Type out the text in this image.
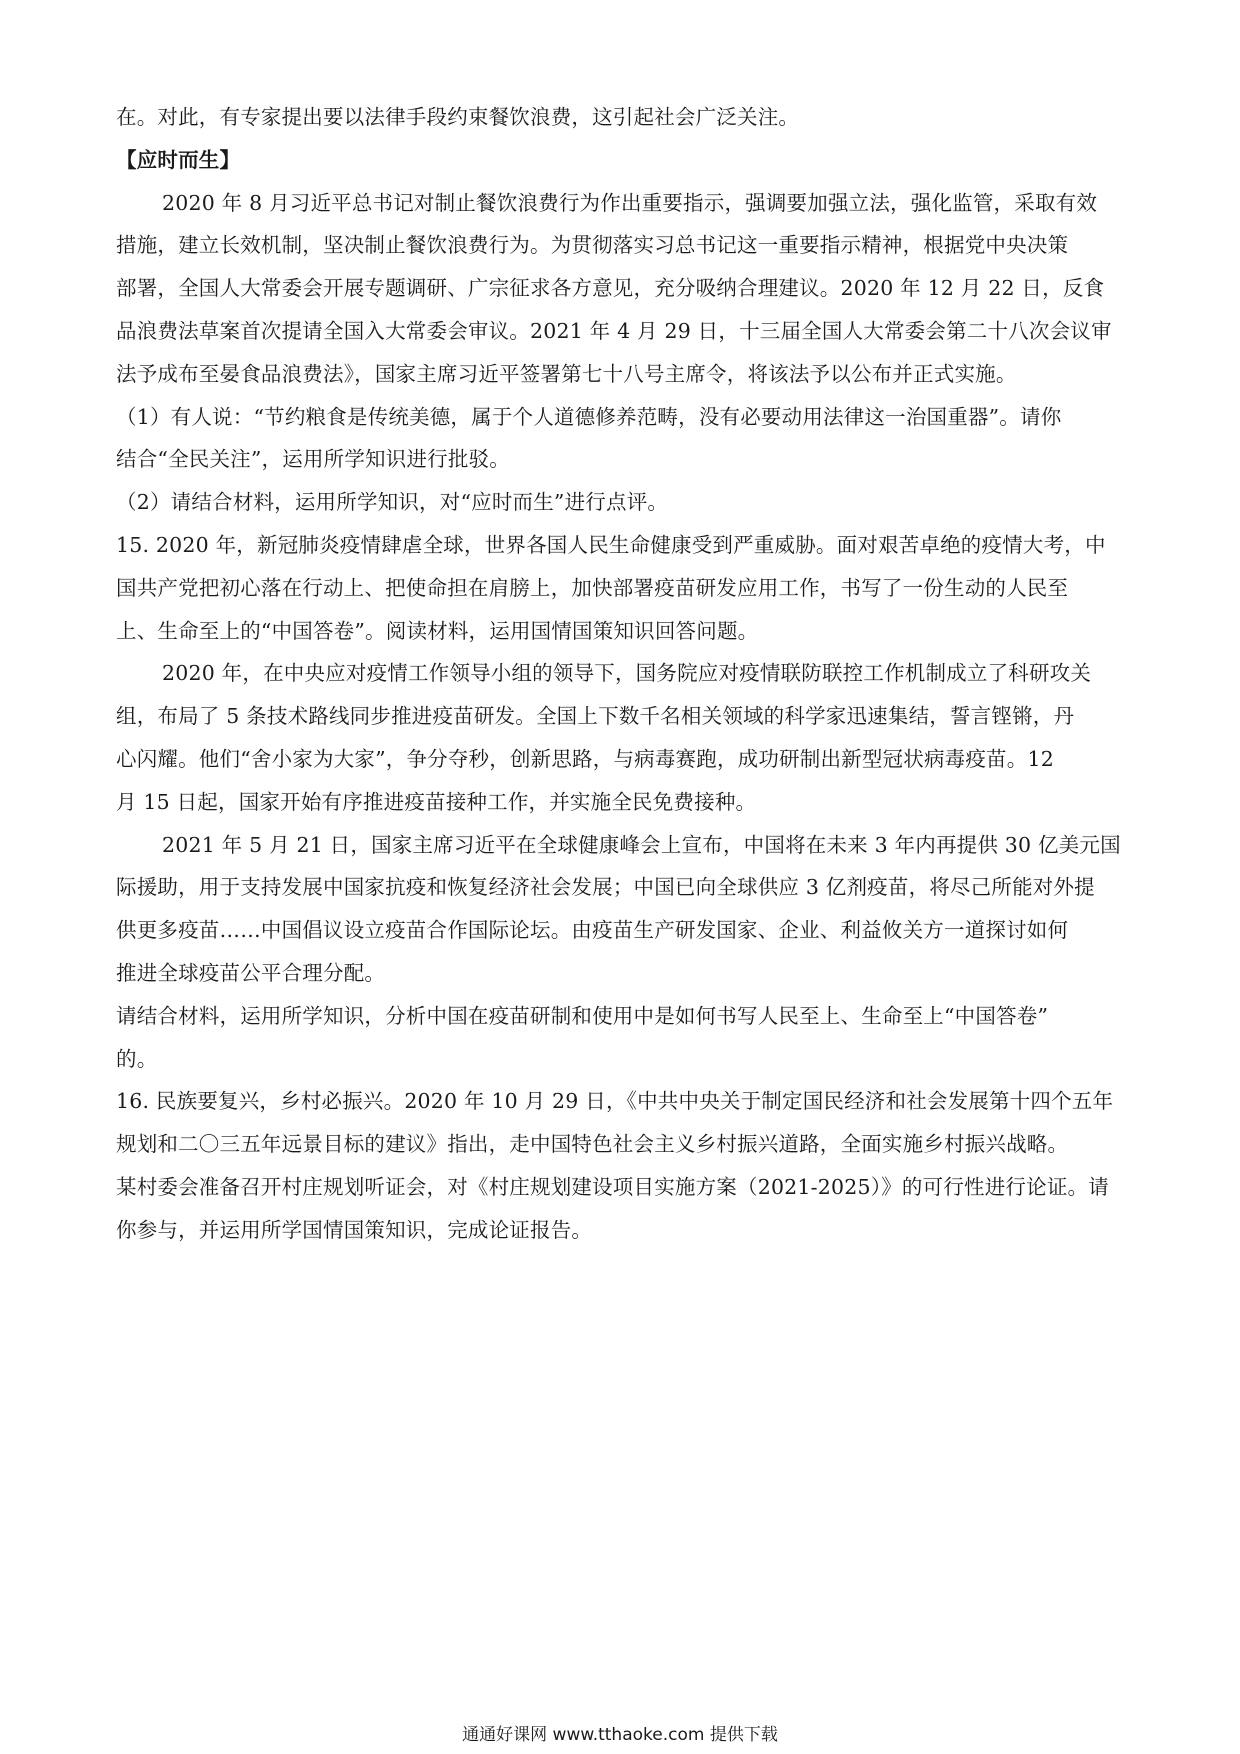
在。对此，有专家提出要以法律手段约束餐饮浪费，这引起社会广泛关注。
【应时而生】
2020 年 8 月习近平总书记对制止餐饮浪费行为作出重要指示，强调要加强立法，强化监管，采取有效
措施，建立长效机制，坚决制止餐饮浪费行为。为贯彻落实习总书记这一重要指示精神，根据党中央决策
部署，全国人大常委会开展专题调研、广宗征求各方意见，充分吸纳合理建议。2020 年 12 月 22 日，反食
品浪费法草案首次提请全国入大常委会审议。2021 年 4 月 29 日，十三届全国人大常委会第二十八次会议审
法予成布至晏食品浪费法》，国家主席习近平签署第七十八号主席令，将该法予以公布并正式实施。
（1）有人说：“节约粮食是传统美德，属于个人道德修养范畴，没有必要动用法律这一治国重器”。请你
结合“全民关注”，运用所学知识进行批驳。
（2）请结合材料，运用所学知识，对“应时而生”进行点评。
15. 2020 年，新冠肺炎疫情肆虐全球，世界各国人民生命健康受到严重威胁。面对艰苦卓绝的疫情大考，中
国共产党把初心落在行动上、把使命担在肩膀上，加快部署疫苗研发应用工作，书写了一份生动的人民至
上、生命至上的“中国答卷”。阅读材料，运用国情国策知识回答问题。
2020 年，在中央应对疫情工作领导小组的领导下，国务院应对疫情联防联控工作机制成立了科研攻关
组，布局了 5 条技术路线同步推进疫苗研发。全国上下数千名相关领域的科学家迅速集结，誓言铿锵，丹
心闪耀。他们“舍小家为大家”，争分夺秒，创新思路，与病毒赛跑，成功研制出新型冠状病毒疫苗。12
月 15 日起，国家开始有序推进疫苗接种工作，并实施全民免费接种。
2021 年 5 月 21 日，国家主席习近平在全球健康峰会上宣布，中国将在未来 3 年内再提供 30 亿美元国
际援助，用于支持发展中国家抗疫和恢复经济社会发展；中国已向全球供应 3 亿剂疫苗，将尽己所能对外提
供更多疫苗……中国倡议设立疫苗合作国际论坛。由疫苗生产研发国家、企业、利益攸关方一道探讨如何
推进全球疫苗公平合理分配。
请结合材料，运用所学知识，分析中国在疫苗研制和使用中是如何书写人民至上、生命至上“中国答卷”
的。
16. 民族要复兴，乡村必振兴。2020 年 10 月 29 日，《中共中央关于制定国民经济和社会发展第十四个五年
规划和二〇三五年远景目标的建议》指出，走中国特色社会主义乡村振兴道路，全面实施乡村振兴战略。
某村委会准备召开村庄规划听证会，对《村庄规划建设项目实施方案（2021-2025）》的可行性进行论证。请
你参与，并运用所学国情国策知识，完成论证报告。
通通好课网 www.tthaoke.com 提供下载
